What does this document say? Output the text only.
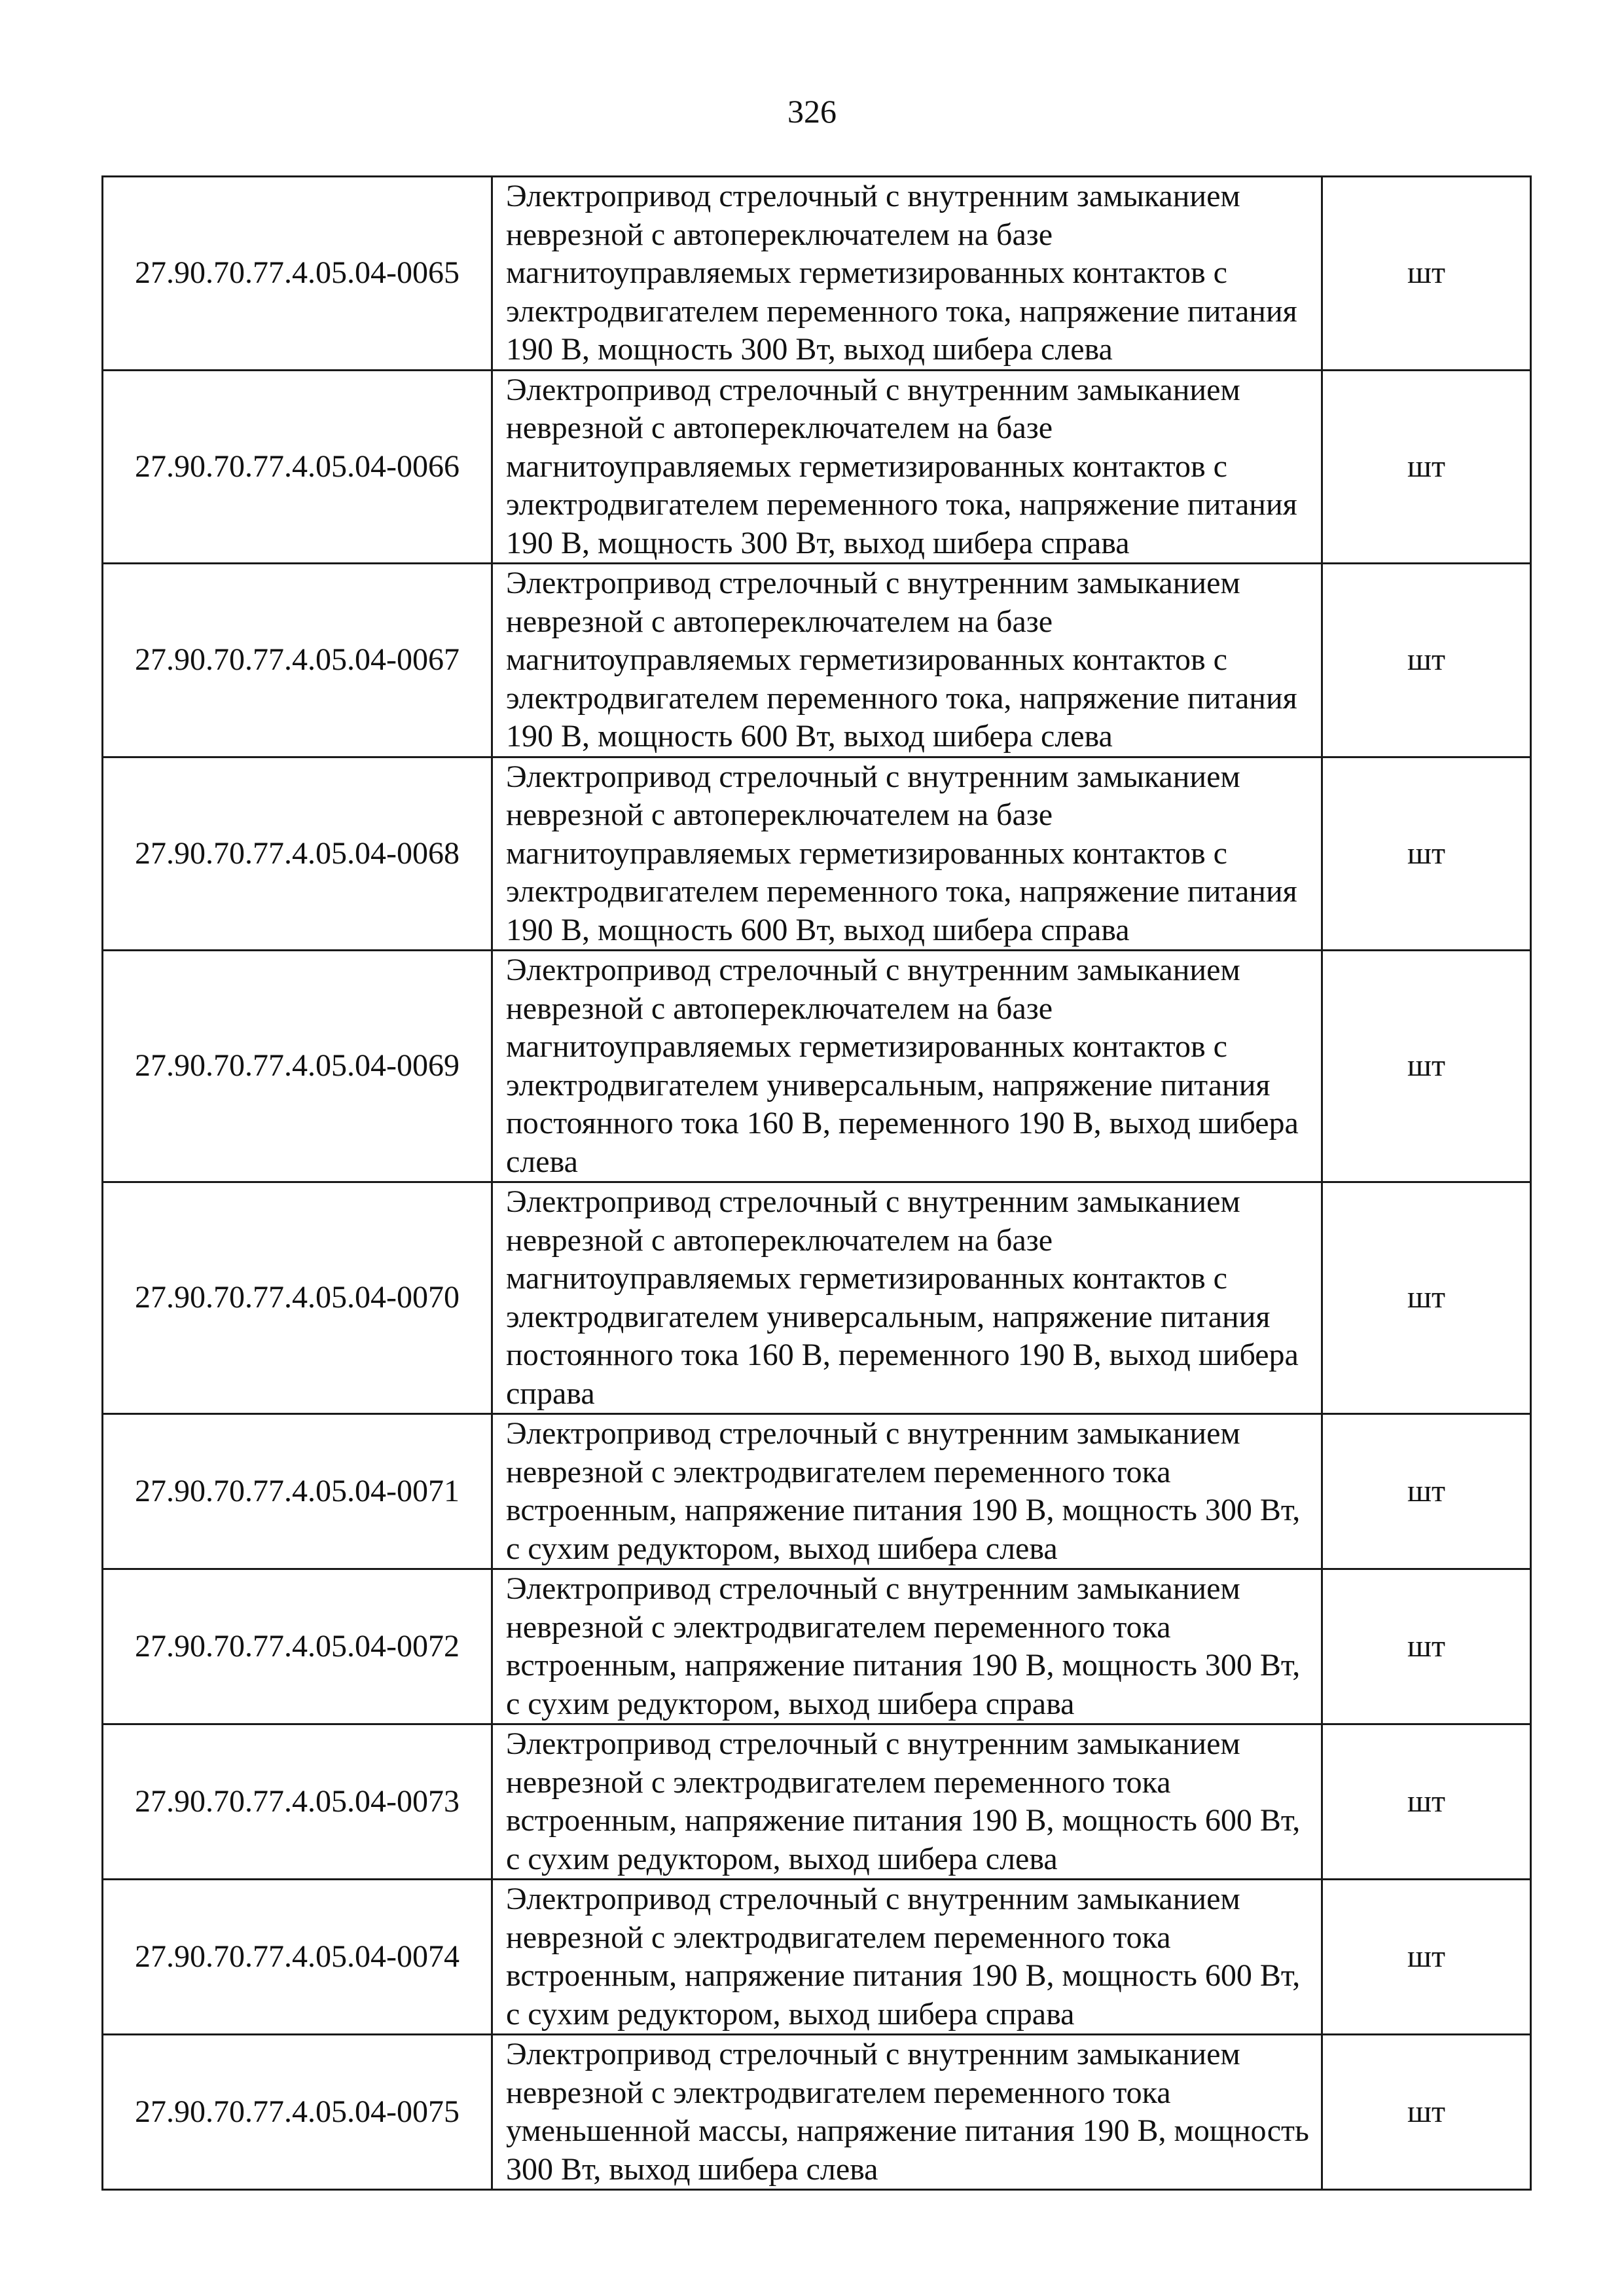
326
27.90.70.77.4.05.04-0065	Электропривод стрелочный с внутренним замыканием неврезной с автопереключателем на базе магнитоуправляемых герметизированных контактов с электродвигателем переменного тока, напряжение питания 190 В, мощность 300 Вт, выход шибера слева	шт
27.90.70.77.4.05.04-0066	Электропривод стрелочный с внутренним замыканием неврезной с автопереключателем на базе магнитоуправляемых герметизированных контактов с электродвигателем переменного тока, напряжение питания 190 В, мощность 300 Вт, выход шибера справа	шт
27.90.70.77.4.05.04-0067	Электропривод стрелочный с внутренним замыканием неврезной с автопереключателем на базе магнитоуправляемых герметизированных контактов с электродвигателем переменного тока, напряжение питания 190 В, мощность 600 Вт, выход шибера слева	шт
27.90.70.77.4.05.04-0068	Электропривод стрелочный с внутренним замыканием неврезной с автопереключателем на базе магнитоуправляемых герметизированных контактов с электродвигателем переменного тока, напряжение питания 190 В, мощность 600 Вт, выход шибера справа	шт
27.90.70.77.4.05.04-0069	Электропривод стрелочный с внутренним замыканием неврезной с автопереключателем на базе магнитоуправляемых герметизированных контактов с электродвигателем универсальным, напряжение питания постоянного тока 160 В, переменного 190 В, выход шибера слева	шт
27.90.70.77.4.05.04-0070	Электропривод стрелочный с внутренним замыканием неврезной с автопереключателем на базе магнитоуправляемых герметизированных контактов с электродвигателем универсальным, напряжение питания постоянного тока 160 В, переменного 190 В, выход шибера справа	шт
27.90.70.77.4.05.04-0071	Электропривод стрелочный с внутренним замыканием неврезной с электродвигателем переменного тока встроенным, напряжение питания 190 В, мощность 300 Вт, с сухим редуктором, выход шибера слева	шт
27.90.70.77.4.05.04-0072	Электропривод стрелочный с внутренним замыканием неврезной с электродвигателем переменного тока встроенным, напряжение питания 190 В, мощность 300 Вт, с сухим редуктором, выход шибера справа	шт
27.90.70.77.4.05.04-0073	Электропривод стрелочный с внутренним замыканием неврезной с электродвигателем переменного тока встроенным, напряжение питания 190 В, мощность 600 Вт, с сухим редуктором, выход шибера слева	шт
27.90.70.77.4.05.04-0074	Электропривод стрелочный с внутренним замыканием неврезной с электродвигателем переменного тока встроенным, напряжение питания 190 В, мощность 600 Вт, с сухим редуктором, выход шибера справа	шт
27.90.70.77.4.05.04-0075	Электропривод стрелочный с внутренним замыканием неврезной с электродвигателем переменного тока уменьшенной массы, напряжение питания 190 В, мощность 300 Вт, выход шибера слева	шт
